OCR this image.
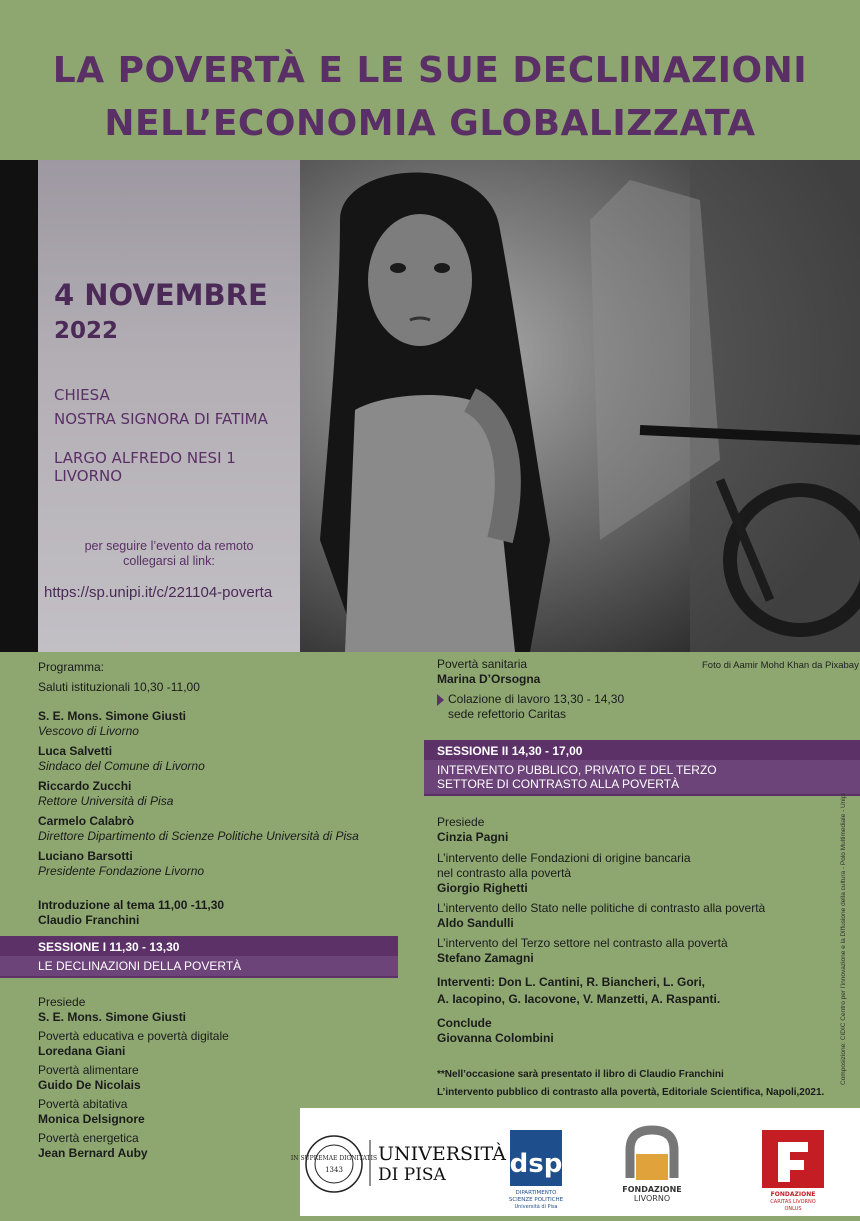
LA POVERTÀ E LE SUE DECLINAZIONI
NELL’ECONOMIA GLOBALIZZATA
4 NOVEMBRE
2022
CHIESA
NOSTRA SIGNORA DI FATIMA
LARGO ALFREDO NESI 1
LIVORNO
per seguire l’evento da remoto
collegarsi al link:
https://sp.unipi.it/c/221104-poverta
Foto di Aamir Mohd Khan da Pixabay
Programma:
Saluti istituzionali 10,30 -11,00
S. E. Mons. Simone Giusti
Vescovo di Livorno
Luca Salvetti
Sindaco del Comune di Livorno
Riccardo Zucchi
Rettore Università di Pisa
Carmelo Calabrò
Direttore Dipartimento di Scienze Politiche Università di Pisa
Luciano Barsotti
Presidente Fondazione Livorno
Introduzione al tema 11,00 -11,30
Claudio Franchini
SESSIONE I 11,30 - 13,30
LE DECLINAZIONI DELLA POVERTÀ
Presiede
S. E. Mons. Simone Giusti
Povertà educativa e povertà digitale
Loredana Giani
Povertà alimentare
Guido De Nicolais
Povertà abitativa
Monica Delsignore
Povertà energetica
Jean Bernard Auby
Povertà sanitaria
Marina D’Orsogna
Colazione di lavoro 13,30 - 14,30
sede refettorio Caritas
SESSIONE II 14,30 - 17,00
INTERVENTO PUBBLICO, PRIVATO E DEL TERZO
SETTORE DI CONTRASTO ALLA POVERTÀ
Presiede
Cinzia Pagni
L’intervento delle Fondazioni di origine bancaria
nel contrasto alla povertà
Giorgio Righetti
L’intervento dello Stato nelle politiche di contrasto alla povertà
Aldo Sandulli
L’intervento del Terzo settore nel contrasto alla povertà
Stefano Zamagni
Interventi: Don L. Cantini, R. Biancheri, L. Gori,
A. Iacopino, G. Iacovone, V. Manzetti, A. Raspanti.
Conclude
Giovanna Colombini
**Nell’occasione sarà presentato il libro di Claudio Franchini
L’intervento pubblico di contrasto alla povertà, Editoriale Scientifica, Napoli,2021.
Composizione: CIDIC Centro per l’innovazione e la Diffusione della cultura - Polo Multimediale - Unipi
IN SUPREMAE DIGNITATIS
1343
UNIVERSITÀ
DI PISA dsp
DIPARTIMENTO
SCIENZE POLITICHE
Università di Pisa
FONDAZIONE
LIVORNO	FONDAZIONE
CARITAS LIVORNO
ONLUS
